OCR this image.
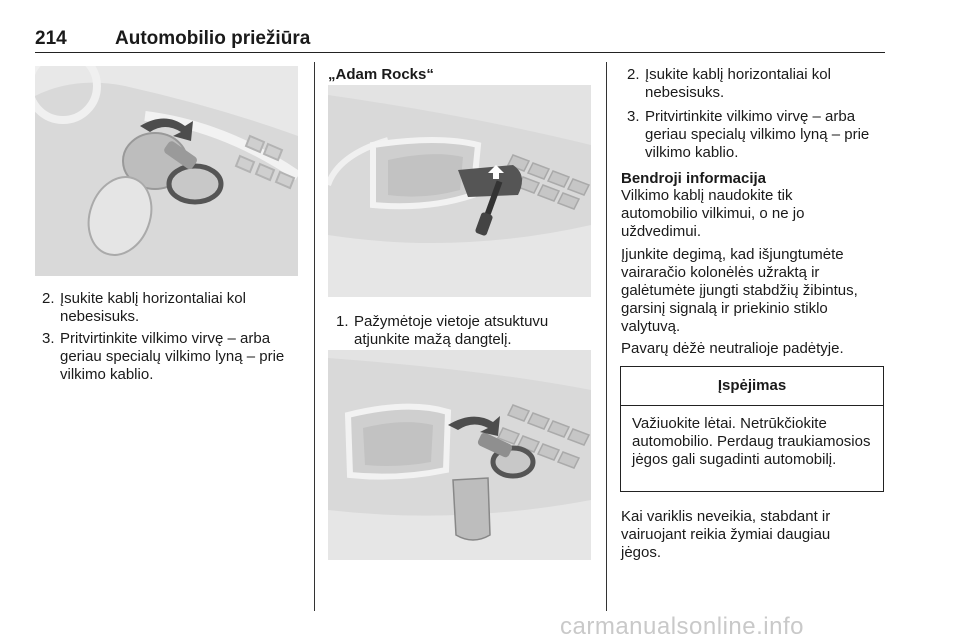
214	Automobilio priežiūra
2. Įsukite kablį horizontaliai kol nebesisuks.
3. Pritvirtinkite vilkimo virvę – arba geriau specialų vilkimo lyną – prie vilkimo kablio.
„Adam Rocks“
1. Pažymėtoje vietoje atsuktuvu atjunkite mažą dangtelį.
2. Įsukite kablį horizontaliai kol nebesisuks.
3. Pritvirtinkite vilkimo virvę – arba geriau specialų vilkimo lyną – prie vilkimo kablio.
Bendroji informacija

Vilkimo kablį naudokite tik automobilio vilkimui, o ne jo uždvedimui.

Įjunkite degimą, kad išjungtumėte vairaračio kolonėlės užraktą ir galėtumėte įjungti stabdžių žibintus, garsinį signalą ir priekinio stiklo valytuvą.

Pavarų dėžė neutralioje padėtyje.

Įspėjimas
Važiuokite lėtai. Netrūkčiokite automobilio. Perdaug traukiamosios jėgos gali sugadinti automobilį.

Kai variklis neveikia, stabdant ir vairuojant reikia žymiai daugiau jėgos.

carmanualsonline.info
